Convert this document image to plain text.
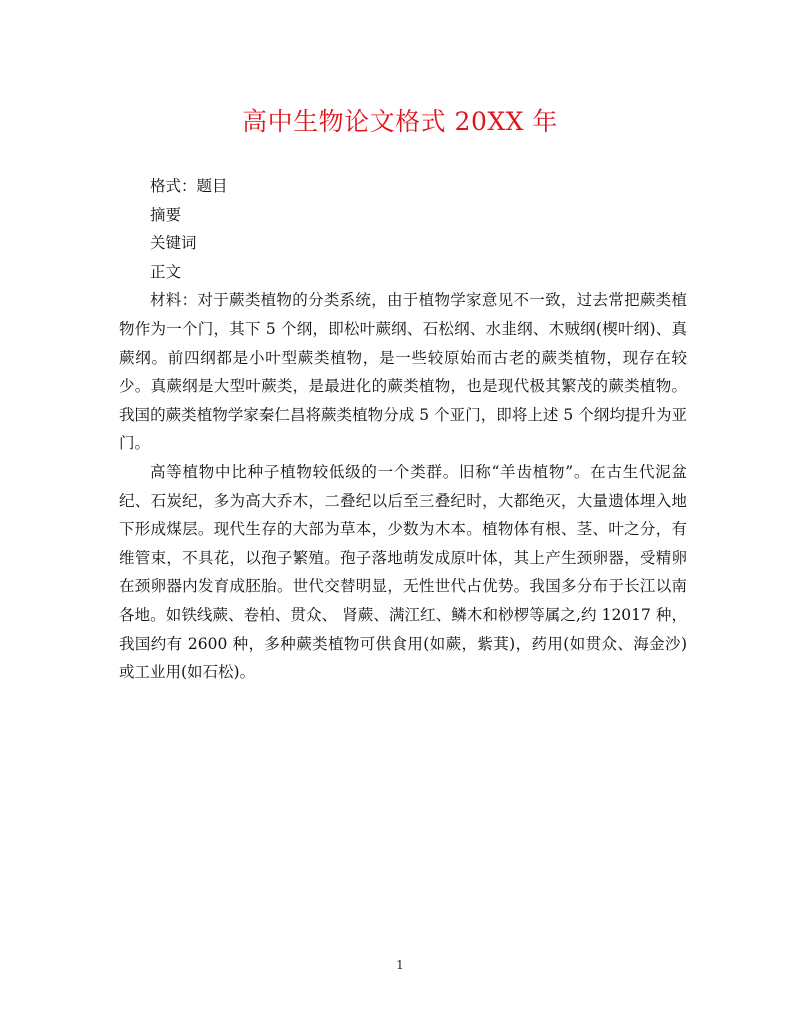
高中生物论文格式 20XX 年

格式：题目

摘要

关键词

正文

材料：对于蕨类植物的分类系统，由于植物学家意见不一致，过去常把蕨类植物作为一个门，其下 5 个纲，即松叶蕨纲、石松纲、水韭纲、木贼纲(楔叶纲)、真蕨纲。前四纲都是小叶型蕨类植物，是一些较原始而古老的蕨类植物，现存在较少。真蕨纲是大型叶蕨类，是最进化的蕨类植物，也是现代极其繁茂的蕨类植物。我国的蕨类植物学家秦仁昌将蕨类植物分成 5 个亚门，即将上述 5 个纲均提升为亚门。

高等植物中比种子植物较低级的一个类群。旧称“羊齿植物”。在古生代泥盆纪、石炭纪，多为高大乔木，二叠纪以后至三叠纪时，大都绝灭，大量遗体埋入地下形成煤层。现代生存的大部为草本，少数为木本。植物体有根、茎、叶之分，有维管束，不具花，以孢子繁殖。孢子落地萌发成原叶体，其上产生颈卵器，受精卵在颈卵器内发育成胚胎。世代交替明显，无性世代占优势。我国多分布于长江以南各地。如铁线蕨、卷柏、贯众、 肾蕨、满江红、鳞木和桫椤等属之,约 12017 种，我国约有 2600 种，多种蕨类植物可供食用(如蕨，紫萁)，药用(如贯众、海金沙)或工业用(如石松)。

1
